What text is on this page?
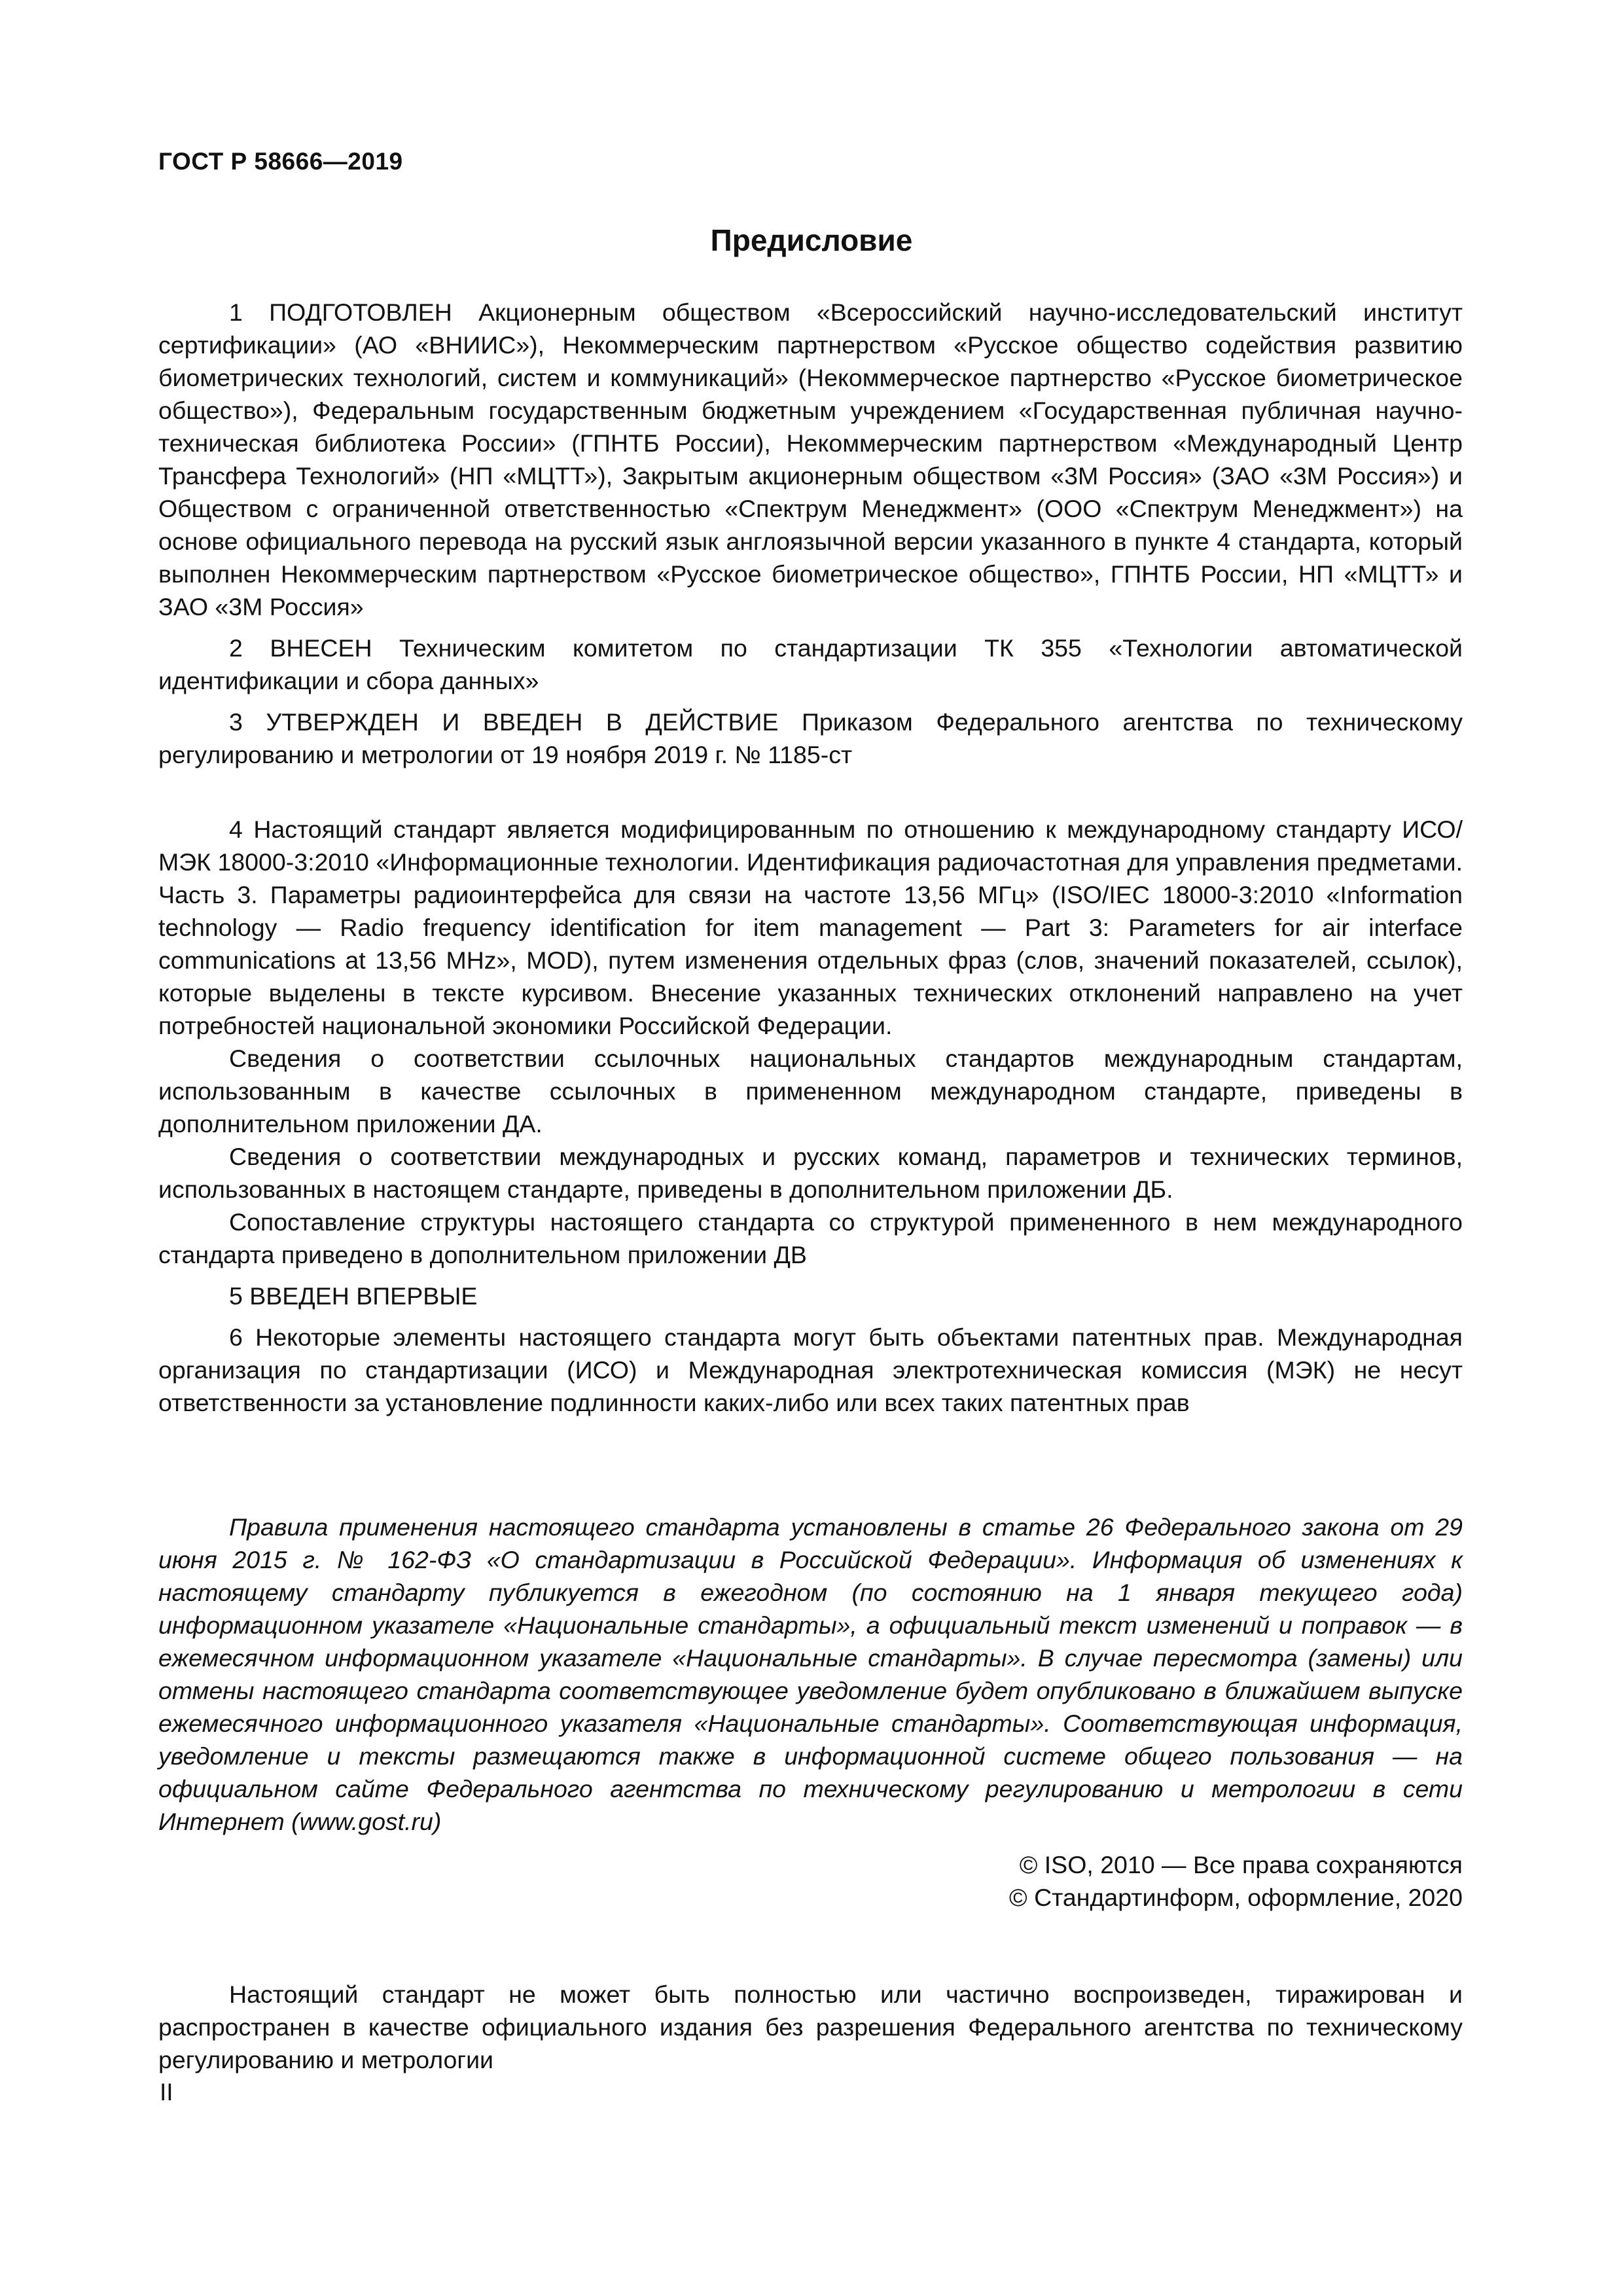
ГОСТ Р 58666—2019
Предисловие

1 ПОДГОТОВЛЕН Акционерным обществом «Всероссийский научно-исследовательский институт сертификации» (АО «ВНИИС»), Некоммерческим партнерством «Русское общество содействия развитию биометрических технологий, систем и коммуникаций» (Некоммерческое партнерство «Русское биометрическое общество»), Федеральным государственным бюджетным учреждением «Государственная публичная научно-техническая библиотека России» (ГПНТБ России), Некоммерческим партнерством «Международный Центр Трансфера Технологий» (НП «МЦТТ»), Закрытым акционерным обществом «3М Россия» (ЗАО «3М Россия») и Обществом с ограниченной ответственностью «Спектрум Менеджмент» (ООО «Спектрум Менеджмент») на основе официального перевода на русский язык англоязычной версии указанного в пункте 4 стандарта, который выполнен Некоммерческим партнерством «Русское биометрическое общество», ГПНТБ России, НП «МЦТТ» и ЗАО «3М Россия»

2 ВНЕСЕН Техническим комитетом по стандартизации ТК 355 «Технологии автоматической идентификации и сбора данных»

3 УТВЕРЖДЕН И ВВЕДЕН В ДЕЙСТВИЕ Приказом Федерального агентства по техническому регулированию и метрологии от 19 ноября 2019 г. № 1185-ст

4 Настоящий стандарт является модифицированным по отношению к международному стандарту ИСО/МЭК 18000-3:2010 «Информационные технологии. Идентификация радиочастотная для управления предметами. Часть 3. Параметры радиоинтерфейса для связи на частоте 13,56 МГц» (ISO/IEC 18000-3:2010 «Information technology — Radio frequency identification for item management — Part 3: Parameters for air interface communications at 13,56 MHz», MOD), путем изменения отдельных фраз (слов, значений показателей, ссылок), которые выделены в тексте курсивом. Внесение указанных технических отклонений направлено на учет потребностей национальной экономики Российской Федерации.

Сведения о соответствии ссылочных национальных стандартов международным стандартам, использованным в качестве ссылочных в примененном международном стандарте, приведены в дополнительном приложении ДА.

Сведения о соответствии международных и русских команд, параметров и технических терминов, использованных в настоящем стандарте, приведены в дополнительном приложении ДБ.

Сопоставление структуры настоящего стандарта со структурой примененного в нем международного стандарта приведено в дополнительном приложении ДВ

5 ВВЕДЕН ВПЕРВЫЕ

6 Некоторые элементы настоящего стандарта могут быть объектами патентных прав. Международная организация по стандартизации (ИСО) и Международная электротехническая комиссия (МЭК) не несут ответственности за установление подлинности каких-либо или всех таких патентных прав

Правила применения настоящего стандарта установлены в статье 26 Федерального закона от 29 июня 2015 г. № 162-ФЗ «О стандартизации в Российской Федерации». Информация об изменениях к настоящему стандарту публикуется в ежегодном (по состоянию на 1 января текущего года) информационном указателе «Национальные стандарты», а официальный текст изменений и поправок — в ежемесячном информационном указателе «Национальные стандарты». В случае пересмотра (замены) или отмены настоящего стандарта соответствующее уведомление будет опубликовано в ближайшем выпуске ежемесячного информационного указателя «Национальные стандарты». Соответствующая информация, уведомление и тексты размещаются также в информационной системе общего пользования — на официальном сайте Федерального агентства по техническому регулированию и метрологии в сети Интернет (www.gost.ru)

© ISO, 2010 — Все права сохраняются
© Стандартинформ, оформление, 2020

Настоящий стандарт не может быть полностью или частично воспроизведен, тиражирован и распространен в качестве официального издания без разрешения Федерального агентства по техническому регулированию и метрологии

II
